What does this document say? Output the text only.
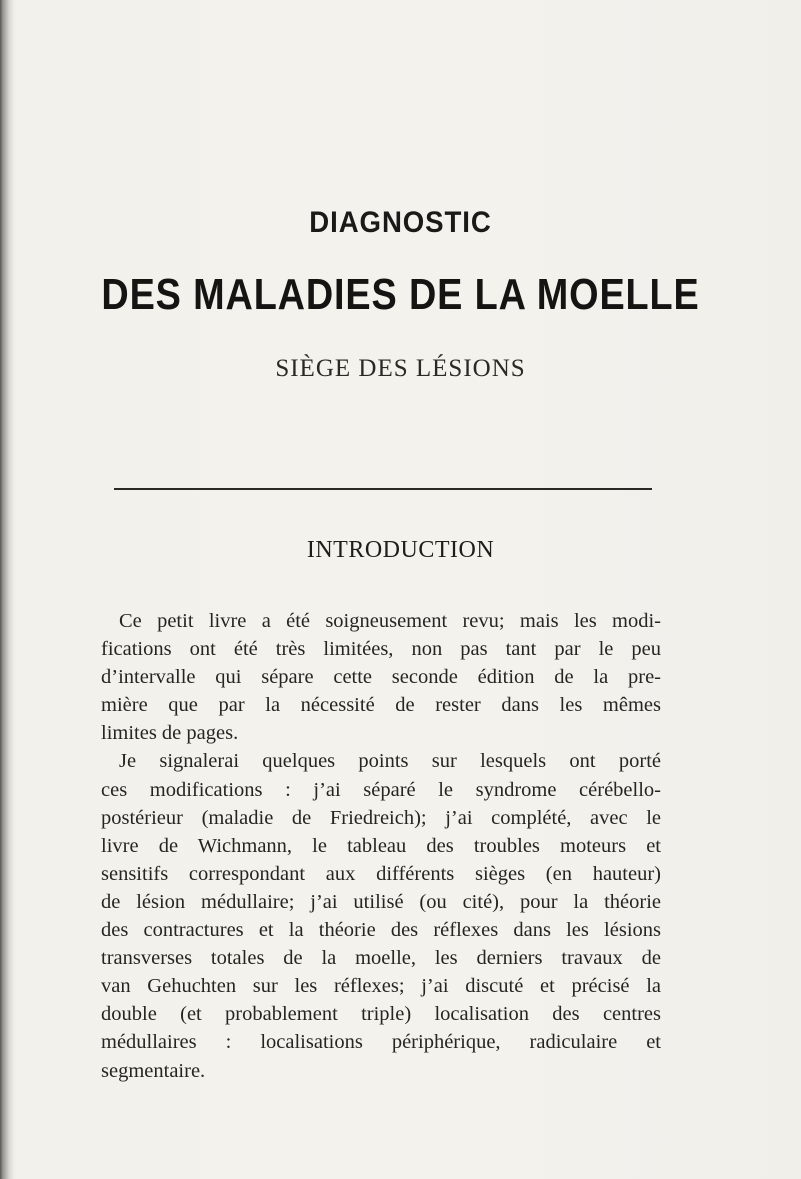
DIAGNOSTIC
DES MALADIES DE LA MOELLE
SIÈGE DES LÉSIONS
INTRODUCTION

Ce petit livre a été soigneusement revu; mais les modi-
fications ont été très limitées, non pas tant par le peu
d’intervalle qui sépare cette seconde édition de la pre-
mière que par la nécessité de rester dans les mêmes
limites de pages.

Je signalerai quelques points sur lesquels ont porté
ces modifications : j’ai séparé le syndrome cérébello-
postérieur (maladie de Friedreich); j’ai complété, avec le
livre de Wichmann, le tableau des troubles moteurs et
sensitifs correspondant aux différents sièges (en hauteur)
de lésion médullaire; j’ai utilisé (ou cité), pour la théorie
des contractures et la théorie des réflexes dans les lésions
transverses totales de la moelle, les derniers travaux de
van Gehuchten sur les réflexes; j’ai discuté et précisé la
double (et probablement triple) localisation des centres
médullaires : localisations périphérique, radiculaire et
segmentaire.
